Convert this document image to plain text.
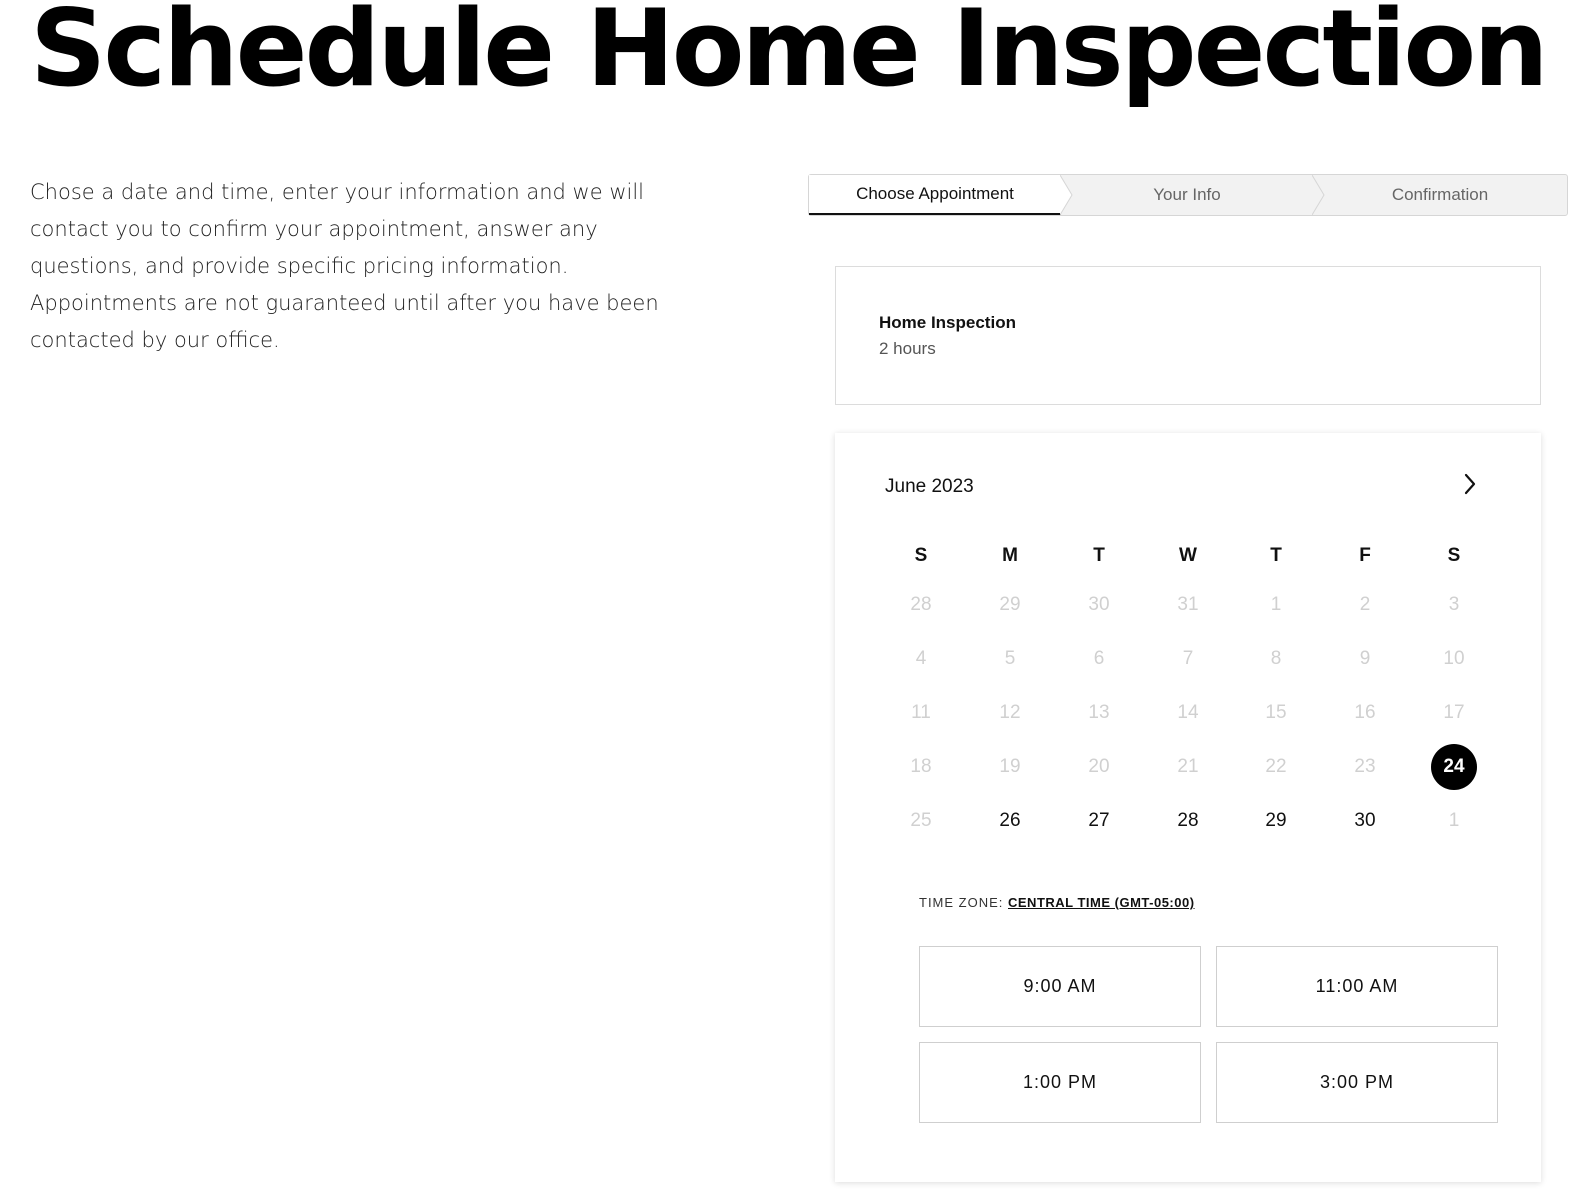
Schedule Home Inspection

Chose a date and time, enter your information and we will contact you to confirm your appointment, answer any questions, and provide specific pricing information. Appointments are not guaranteed until after you have been contacted by our office.

Choose Appointment	Your Info	Confirmation
Home Inspection
2 hours
June 2023
S	M	T	W	T	F	S
28	29	30	31	1	2	3
4	5	6	7	8	9	10
11	12	13	14	15	16	17
18	19	20	21	22	23	24
25	26	27	28	29	30	1
TIME ZONE: CENTRAL TIME (GMT-05:00)
9:00 AM	11:00 AM
1:00 PM	3:00 PM
